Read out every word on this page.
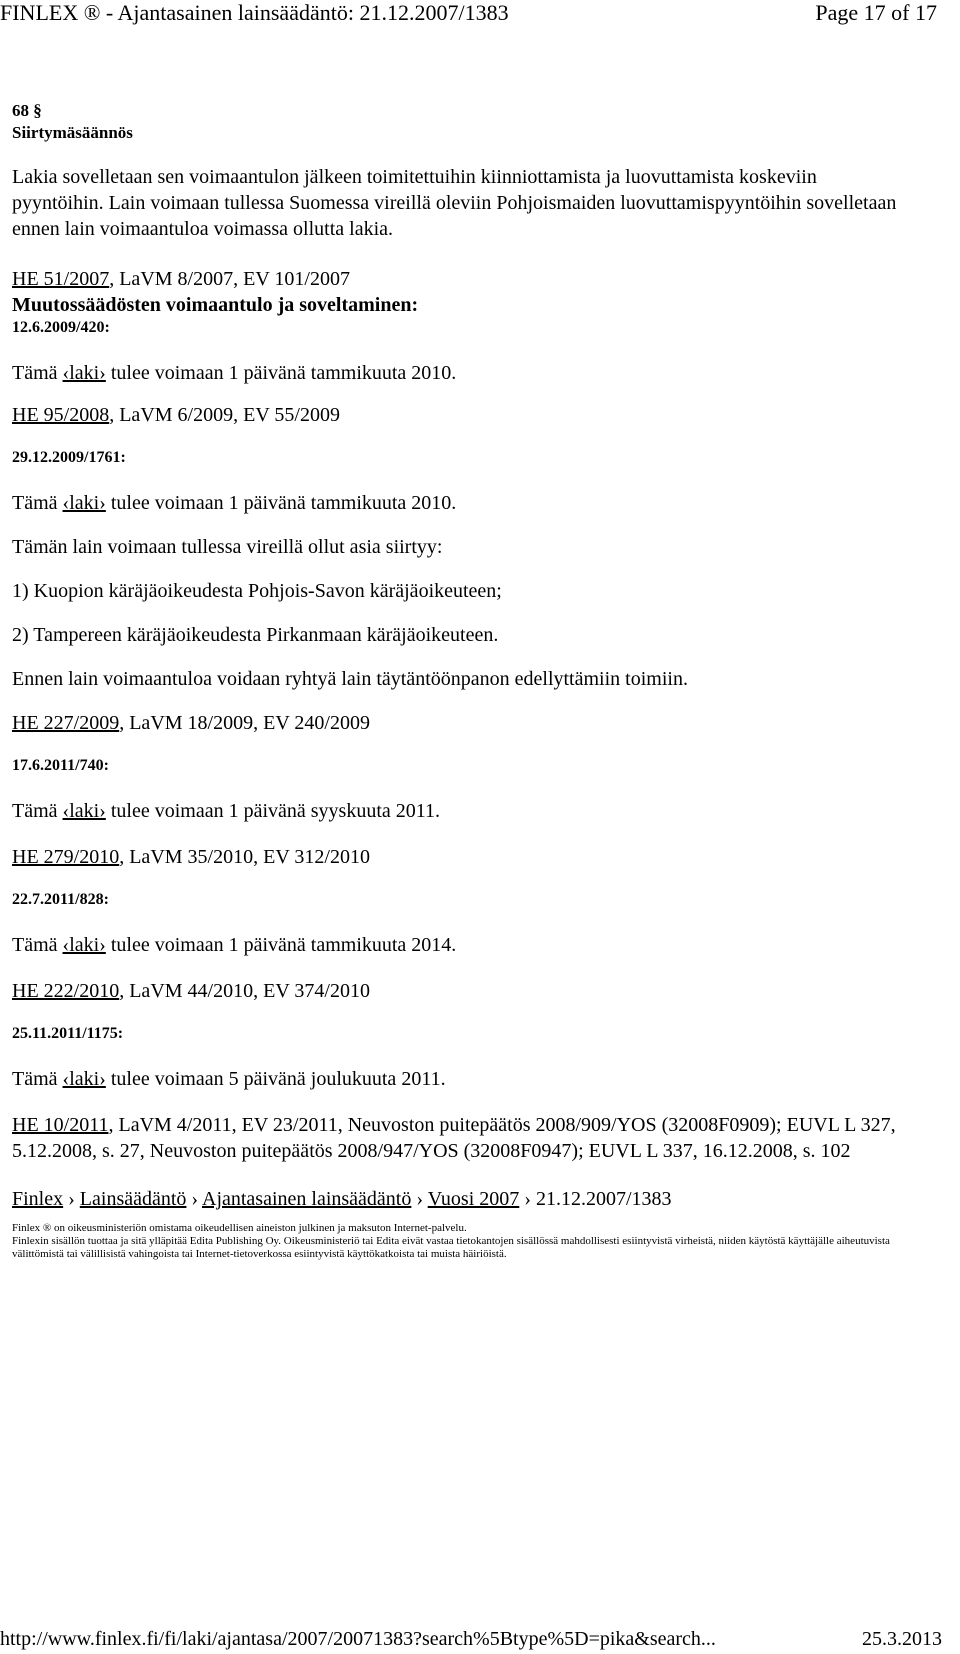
FINLEX ® - Ajantasainen lainsäädäntö: 21.12.2007/1383	Page 17 of 17
68 §
Siirtymäsäännös

Lakia sovelletaan sen voimaantulon jälkeen toimitettuihin kiinniottamista ja luovuttamista koskeviin pyyntöihin. Lain voimaan tullessa Suomessa vireillä oleviin Pohjoismaiden luovuttamispyyntöihin sovelletaan ennen lain voimaantuloa voimassa ollutta lakia.

HE 51/2007, LaVM 8/2007, EV 101/2007

Muutossäädösten voimaantulo ja soveltaminen:
12.6.2009/420:

Tämä ‹laki› tulee voimaan 1 päivänä tammikuuta 2010.

HE 95/2008, LaVM 6/2009, EV 55/2009

29.12.2009/1761:

Tämä ‹laki› tulee voimaan 1 päivänä tammikuuta 2010.

Tämän lain voimaan tullessa vireillä ollut asia siirtyy:

1) Kuopion käräjäoikeudesta Pohjois-Savon käräjäoikeuteen;

2) Tampereen käräjäoikeudesta Pirkanmaan käräjäoikeuteen.

Ennen lain voimaantuloa voidaan ryhtyä lain täytäntöönpanon edellyttämiin toimiin.

HE 227/2009, LaVM 18/2009, EV 240/2009

17.6.2011/740:

Tämä ‹laki› tulee voimaan 1 päivänä syyskuuta 2011.

HE 279/2010, LaVM 35/2010, EV 312/2010

22.7.2011/828:

Tämä ‹laki› tulee voimaan 1 päivänä tammikuuta 2014.

HE 222/2010, LaVM 44/2010, EV 374/2010

25.11.2011/1175:

Tämä ‹laki› tulee voimaan 5 päivänä joulukuuta 2011.

HE 10/2011, LaVM 4/2011, EV 23/2011, Neuvoston puitepäätös 2008/909/YOS (32008F0909); EUVL L 327, 5.12.2008, s. 27, Neuvoston puitepäätös 2008/947/YOS (32008F0947); EUVL L 337, 16.12.2008, s. 102

Finlex › Lainsäädäntö › Ajantasainen lainsäädäntö › Vuosi 2007 › 21.12.2007/1383
Finlex ® on oikeusministeriön omistama oikeudellisen aineiston julkinen ja maksuton Internet-palvelu.
Finlexin sisällön tuottaa ja sitä ylläpitää Edita Publishing Oy. Oikeusministeriö tai Edita eivät vastaa tietokantojen sisällössä mahdollisesti esiintyvistä virheistä, niiden käytöstä käyttäjälle aiheutuvista välittömistä tai välillisistä vahingoista tai Internet-tietoverkossa esiintyvistä käyttökatkoista tai muista häiriöistä.
http://www.finlex.fi/fi/laki/ajantasa/2007/20071383?search%5Btype%5D=pika&search...	25.3.2013
